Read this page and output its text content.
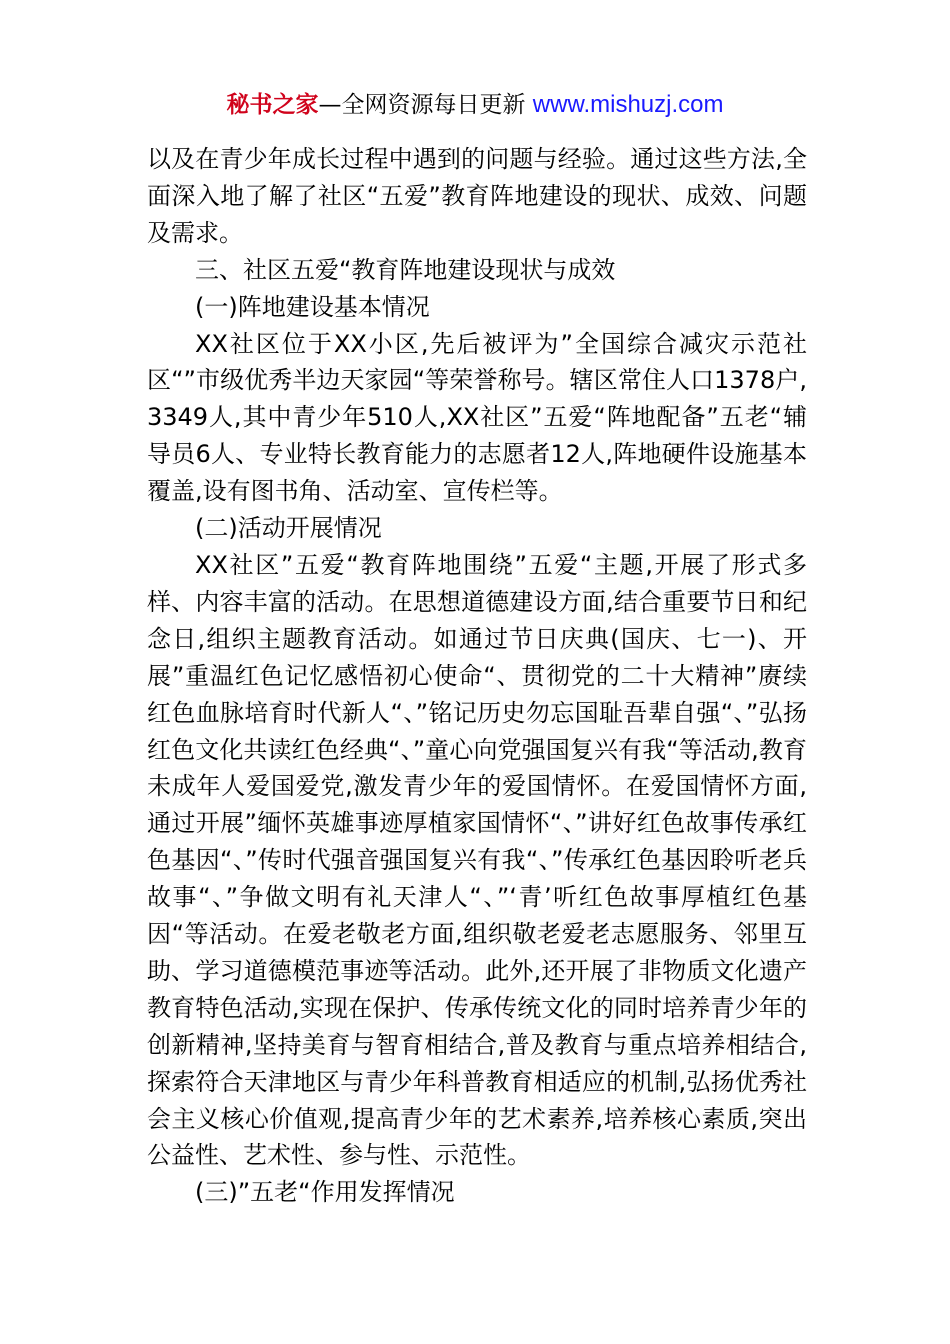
秘书之家—全网资源每日更新 www.mishuzj.com

以及在青少年成长过程中遇到的问题与经验。通过这些方法,全面深入地了解了社区“五爱”教育阵地建设的现状、成效、问题及需求。

三、社区五爱“教育阵地建设现状与成效

(一)阵地建设基本情况

XX社区位于XX小区,先后被评为”全国综合减灾示范社区“”市级优秀半边天家园“等荣誉称号。辖区常住人口1378户,3349人,其中青少年510人,XX社区”五爱“阵地配备”五老“辅导员6人、专业特长教育能力的志愿者12人,阵地硬件设施基本覆盖,设有图书角、活动室、宣传栏等。

(二)活动开展情况

XX社区”五爱“教育阵地围绕”五爱“主题,开展了形式多样、内容丰富的活动。在思想道德建设方面,结合重要节日和纪念日,组织主题教育活动。如通过节日庆典(国庆、七一)、开展”重温红色记忆感悟初心使命“、贯彻党的二十大精神”赓续红色血脉培育时代新人“、”铭记历史勿忘国耻吾辈自强“、”弘扬红色文化共读红色经典“、”童心向党强国复兴有我“等活动,教育未成年人爱国爱党,激发青少年的爱国情怀。在爱国情怀方面,通过开展”缅怀英雄事迹厚植家国情怀“、”讲好红色故事传承红色基因“、”传时代强音强国复兴有我“、”传承红色基因聆听老兵故事“、”争做文明有礼天津人“、”‘青’听红色故事厚植红色基因“等活动。在爱老敬老方面,组织敬老爱老志愿服务、邻里互助、学习道德模范事迹等活动。此外,还开展了非物质文化遗产教育特色活动,实现在保护、传承传统文化的同时培养青少年的创新精神,坚持美育与智育相结合,普及教育与重点培养相结合,探索符合天津地区与青少年科普教育相适应的机制,弘扬优秀社会主义核心价值观,提高青少年的艺术素养,培养核心素质,突出公益性、艺术性、参与性、示范性。

(三)”五老“作用发挥情况
